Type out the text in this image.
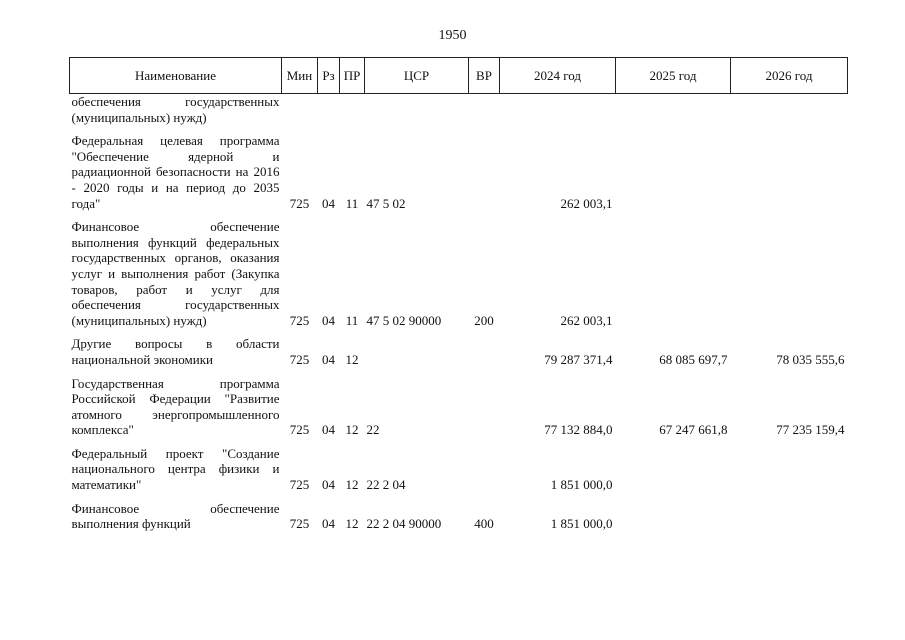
1950
Наименование	Мин	Рз	ПР	ЦСР	ВР	2024 год	2025 год	2026 год
обеспечения государственных (муниципальных) нужд)								

Федеральная целевая программа "Обеспечение ядерной и радиационной безопасности на 2016 - 2020 годы и на период до 2035 года"	725	04	11	47 5 02		262 003,1		

Финансовое обеспечение выполнения функций федеральных государственных органов, оказания услуг и выполнения работ (Закупка товаров, работ и услуг для обеспечения государственных (муниципальных) нужд)	725	04	11	47 5 02 90000	200	262 003,1		

Другие вопросы в области национальной экономики	725	04	12			79 287 371,4	68 085 697,7	78 035 555,6

Государственная программа Российской Федерации "Развитие атомного энергопромышленного комплекса"	725	04	12	22		77 132 884,0	67 247 661,8	77 235 159,4

Федеральный проект "Создание национального центра физики и математики"	725	04	12	22 2 04		1 851 000,0		

Финансовое обеспечение выполнения функций	725	04	12	22 2 04 90000	400	1 851 000,0		
